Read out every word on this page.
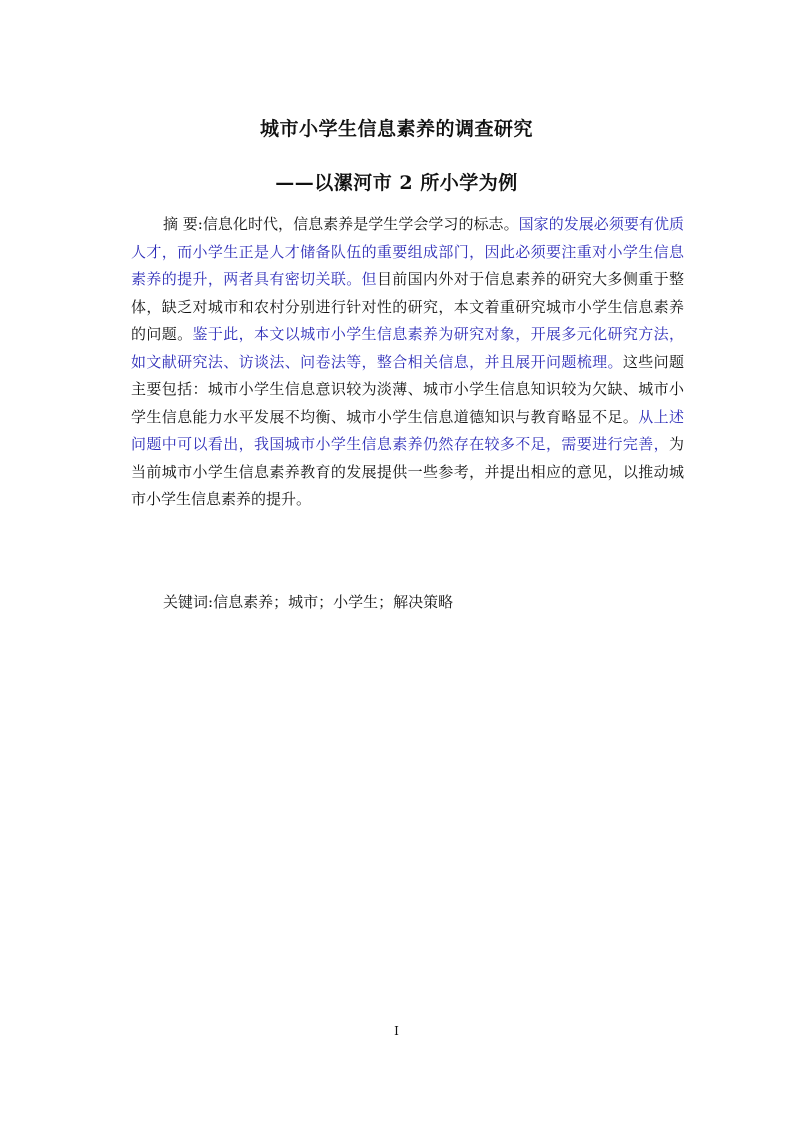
城市小学生信息素养的调查研究
——以漯河市 2 所小学为例
摘 要:信息化时代，信息素养是学生学会学习的标志。国家的发展必须要有优质人才，而小学生正是人才储备队伍的重要组成部门，因此必须要注重对小学生信息素养的提升，两者具有密切关联。但目前国内外对于信息素养的研究大多侧重于整体，缺乏对城市和农村分别进行针对性的研究，本文着重研究城市小学生信息素养的问题。鉴于此，本文以城市小学生信息素养为研究对象，开展多元化研究方法，如文献研究法、访谈法、问卷法等，整合相关信息，并且展开问题梳理。这些问题主要包括：城市小学生信息意识较为淡薄、城市小学生信息知识较为欠缺、城市小学生信息能力水平发展不均衡、城市小学生信息道德知识与教育略显不足。从上述问题中可以看出，我国城市小学生信息素养仍然存在较多不足，需要进行完善，为当前城市小学生信息素养教育的发展提供一些参考，并提出相应的意见，以推动城市小学生信息素养的提升。
关键词:信息素养；城市；小学生；解决策略
I
